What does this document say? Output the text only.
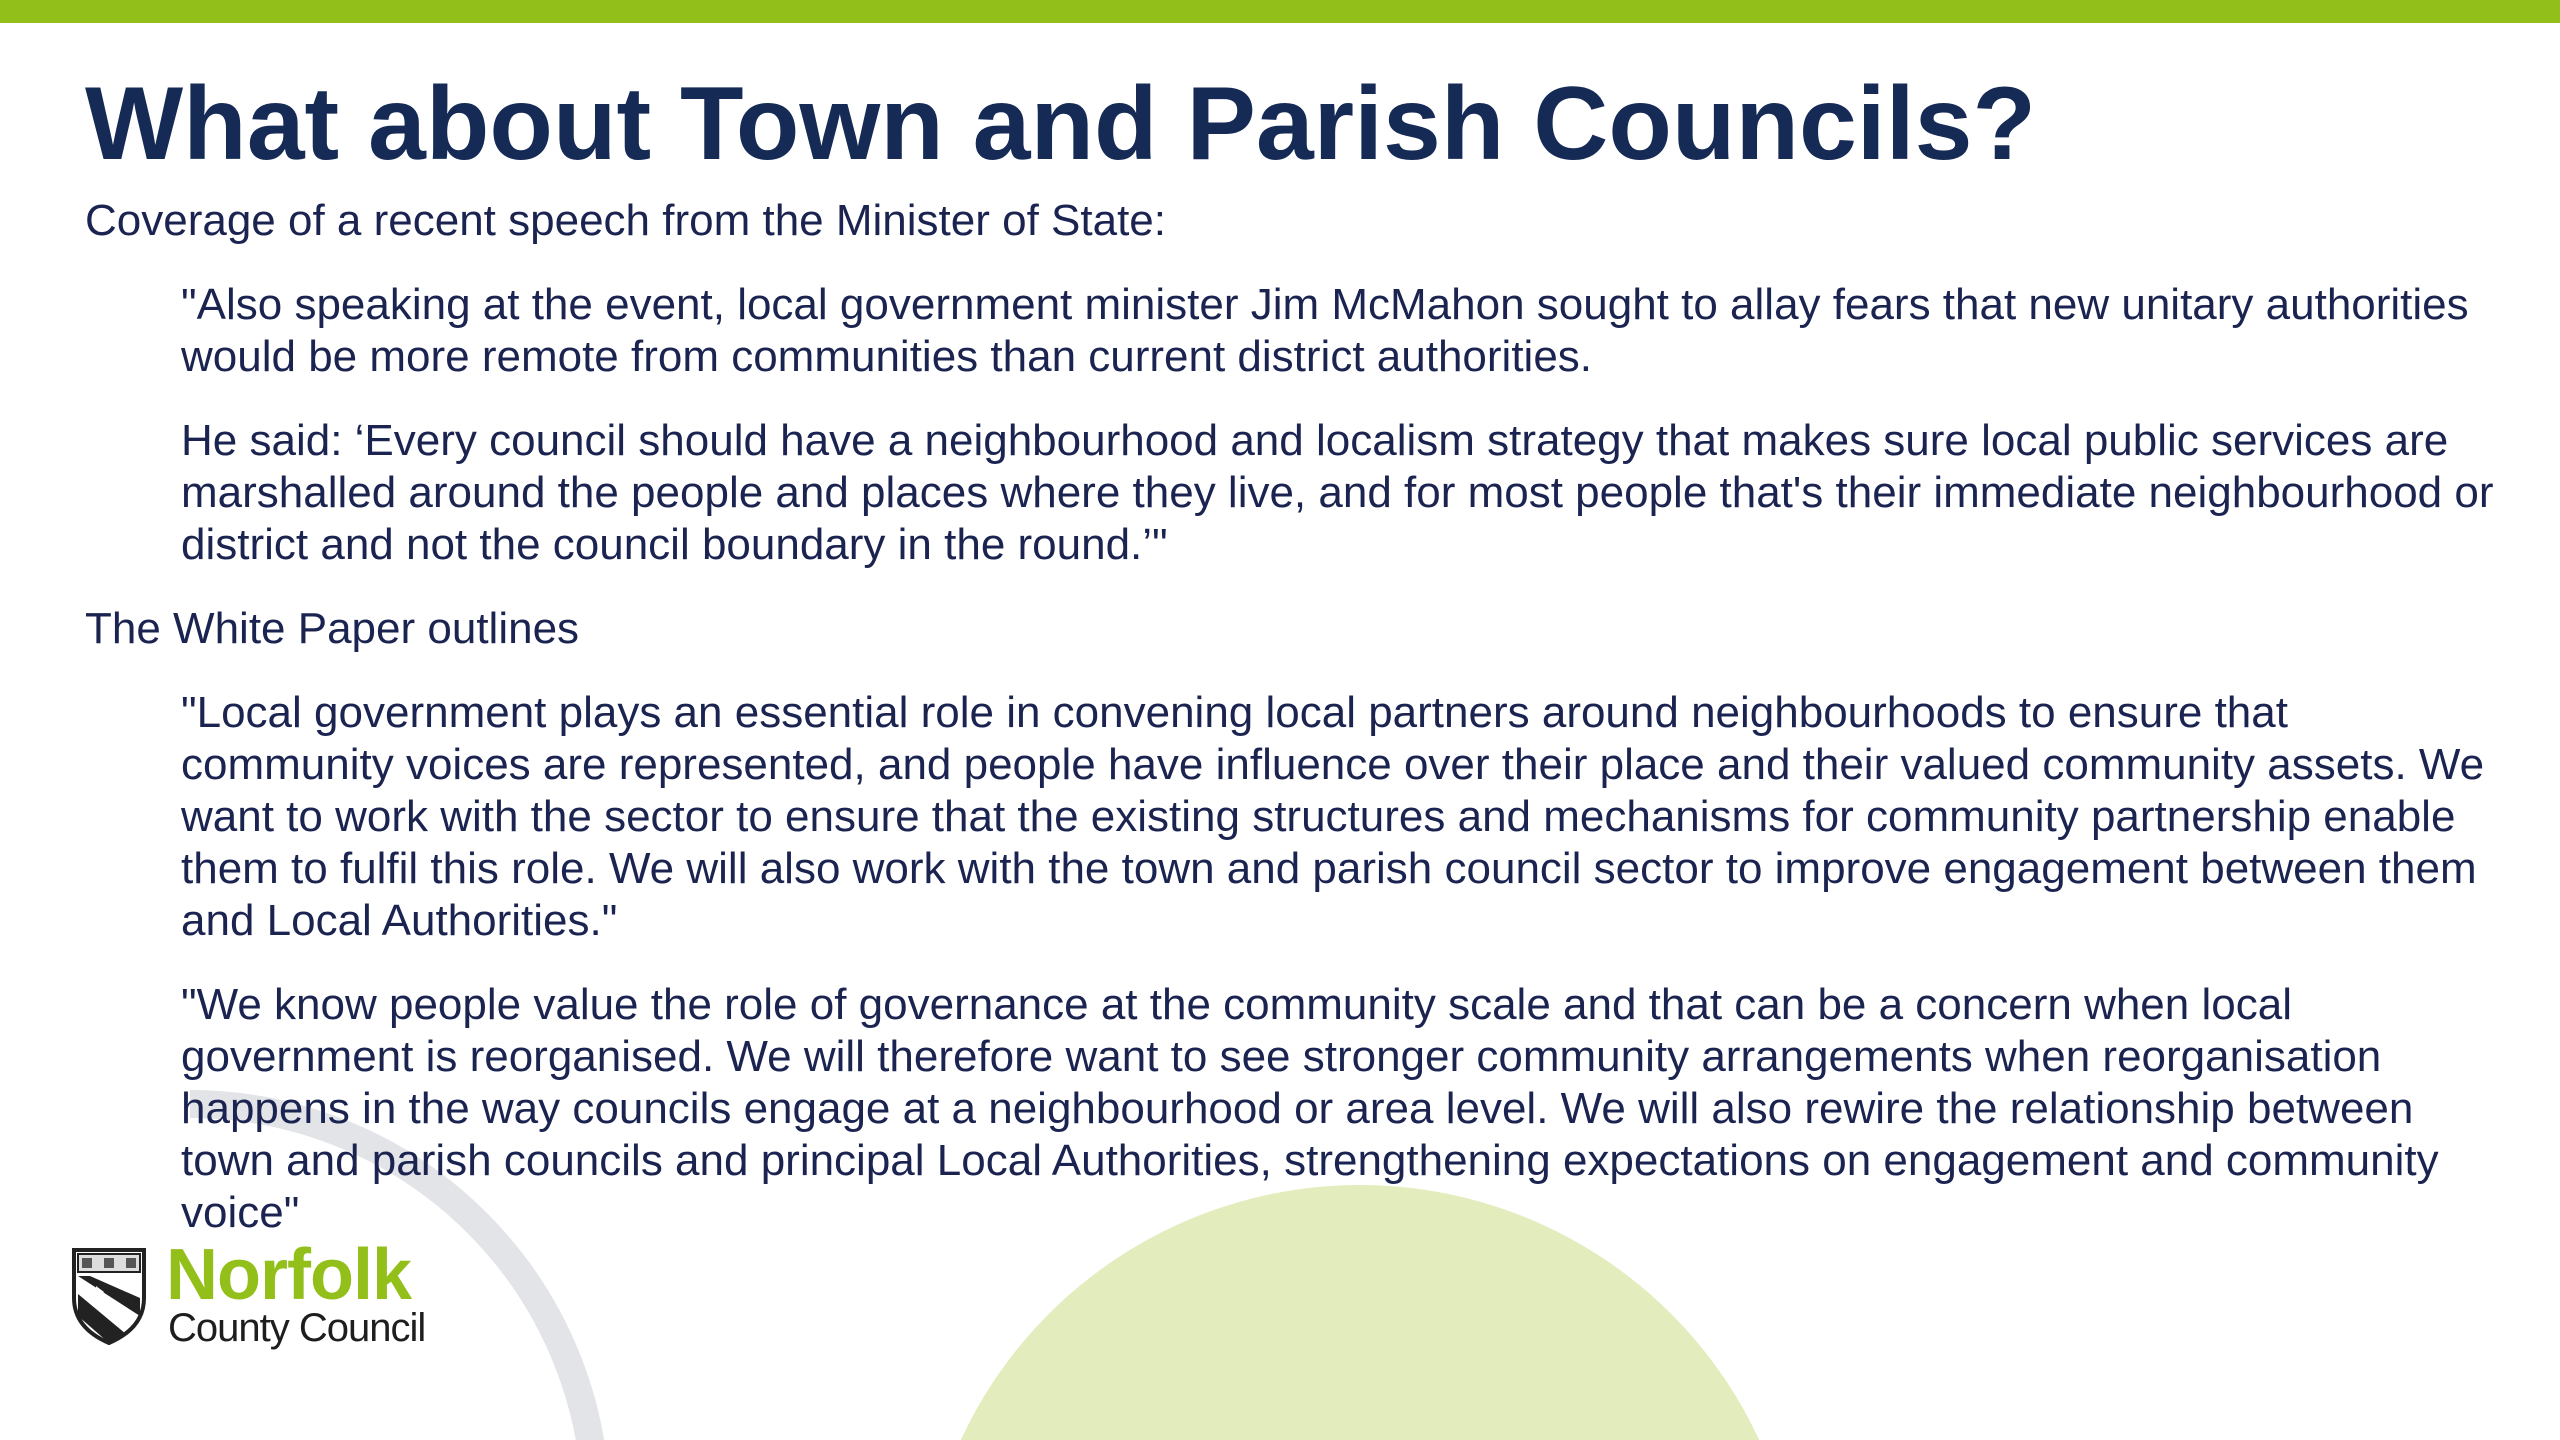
What about Town and Parish Councils?

Coverage of a recent speech from the Minister of State:

"Also speaking at the event, local government minister Jim McMahon sought to allay fears that new unitary authorities would be more remote from communities than current district authorities.

He said: ‘Every council should have a neighbourhood and localism strategy that makes sure local public services are marshalled around the people and places where they live, and for most people that's their immediate neighbourhood or district and not the council boundary in the round.’"

The White Paper outlines

"Local government plays an essential role in convening local partners around neighbourhoods to ensure that community voices are represented, and people have influence over their place and their valued community assets. We want to work with the sector to ensure that the existing structures and mechanisms for community partnership enable them to fulfil this role. We will also work with the town and parish council sector to improve engagement between them and Local Authorities."

"We know people value the role of governance at the community scale and that can be a concern when local government is reorganised. We will therefore want to see stronger community arrangements when reorganisation happens in the way councils engage at a neighbourhood or area level. We will also rewire the relationship between town and parish councils and principal Local Authorities, strengthening expectations on engagement and community voice"

Norfolk
County Council
